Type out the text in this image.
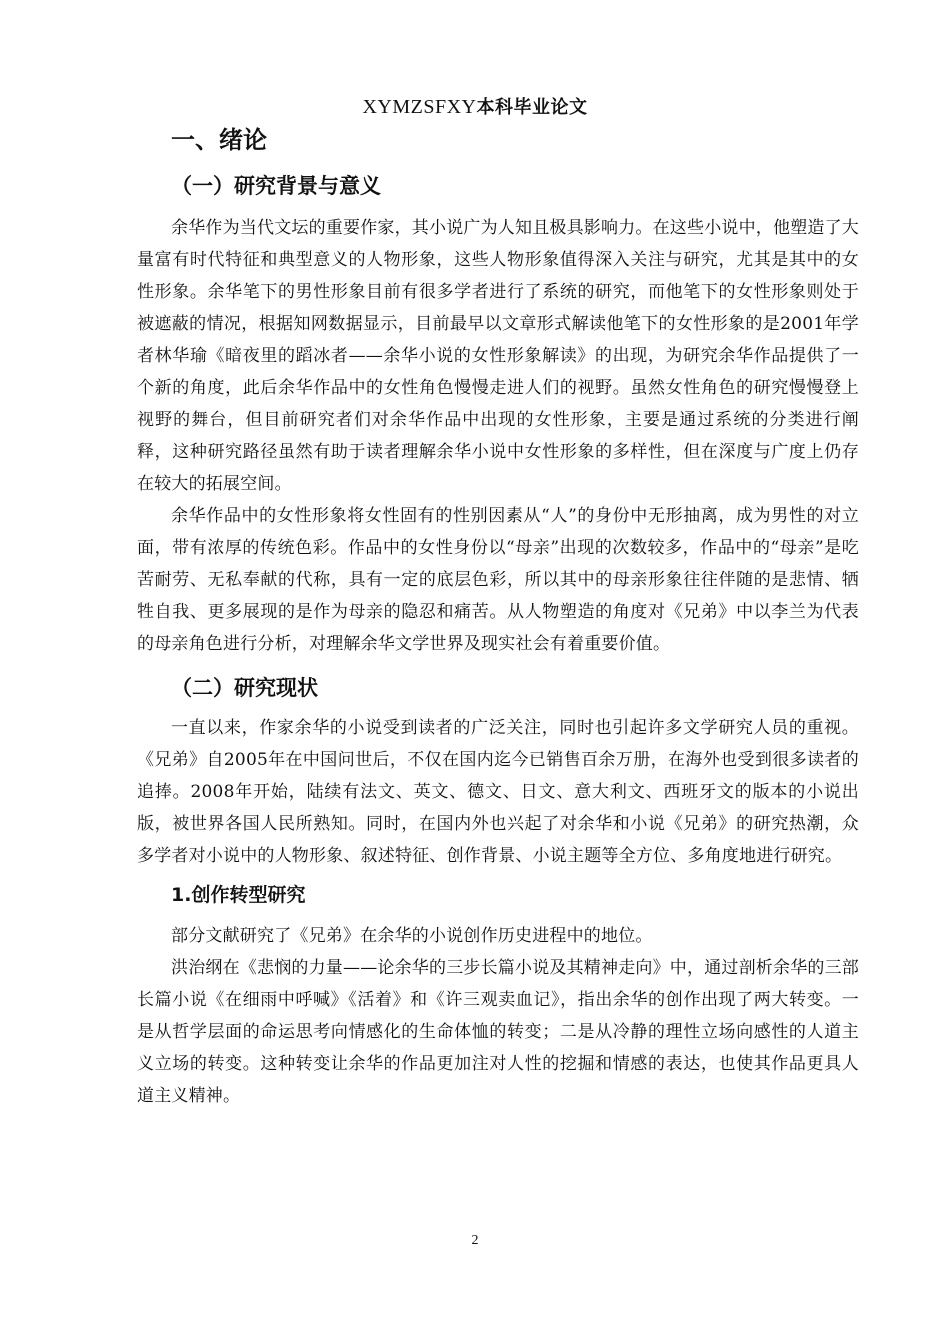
XYMZSFXY本科毕业论文
一、绪论
（一）研究背景与意义

余华作为当代文坛的重要作家，其小说广为人知且极具影响力。在这些小说中，他塑造了大量富有时代特征和典型意义的人物形象，这些人物形象值得深入关注与研究，尤其是其中的女性形象。余华笔下的男性形象目前有很多学者进行了系统的研究，而他笔下的女性形象则处于被遮蔽的情况，根据知网数据显示，目前最早以文章形式解读他笔下的女性形象的是2001年学者林华瑜《暗夜里的蹈冰者——余华小说的女性形象解读》的出现，为研究余华作品提供了一个新的角度，此后余华作品中的女性角色慢慢走进人们的视野。虽然女性角色的研究慢慢登上视野的舞台，但目前研究者们对余华作品中出现的女性形象，主要是通过系统的分类进行阐释，这种研究路径虽然有助于读者理解余华小说中女性形象的多样性，但在深度与广度上仍存在较大的拓展空间。

余华作品中的女性形象将女性固有的性别因素从“人”的身份中无形抽离，成为男性的对立面，带有浓厚的传统色彩。作品中的女性身份以“母亲”出现的次数较多，作品中的“母亲”是吃苦耐劳、无私奉献的代称，具有一定的底层色彩，所以其中的母亲形象往往伴随的是悲情、牺牲自我、更多展现的是作为母亲的隐忍和痛苦。从人物塑造的角度对《兄弟》中以李兰为代表的母亲角色进行分析，对理解余华文学世界及现实社会有着重要价值。

（二）研究现状

一直以来，作家余华的小说受到读者的广泛关注，同时也引起许多文学研究人员的重视。《兄弟》自2005年在中国问世后，不仅在国内迄今已销售百余万册，在海外也受到很多读者的追捧。2008年开始，陆续有法文、英文、德文、日文、意大利文、西班牙文的版本的小说出版，被世界各国人民所熟知。同时，在国内外也兴起了对余华和小说《兄弟》的研究热潮，众多学者对小说中的人物形象、叙述特征、创作背景、小说主题等全方位、多角度地进行研究。

1.创作转型研究

部分文献研究了《兄弟》在余华的小说创作历史进程中的地位。

洪治纲在《悲悯的力量——论余华的三步长篇小说及其精神走向》中，通过剖析余华的三部长篇小说《在细雨中呼喊》《活着》和《许三观卖血记》，指出余华的创作出现了两大转变。一是从哲学层面的命运思考向情感化的生命体恤的转变；二是从冷静的理性立场向感性的人道主义立场的转变。这种转变让余华的作品更加注对人性的挖掘和情感的表达，也使其作品更具人道主义精神。

2
